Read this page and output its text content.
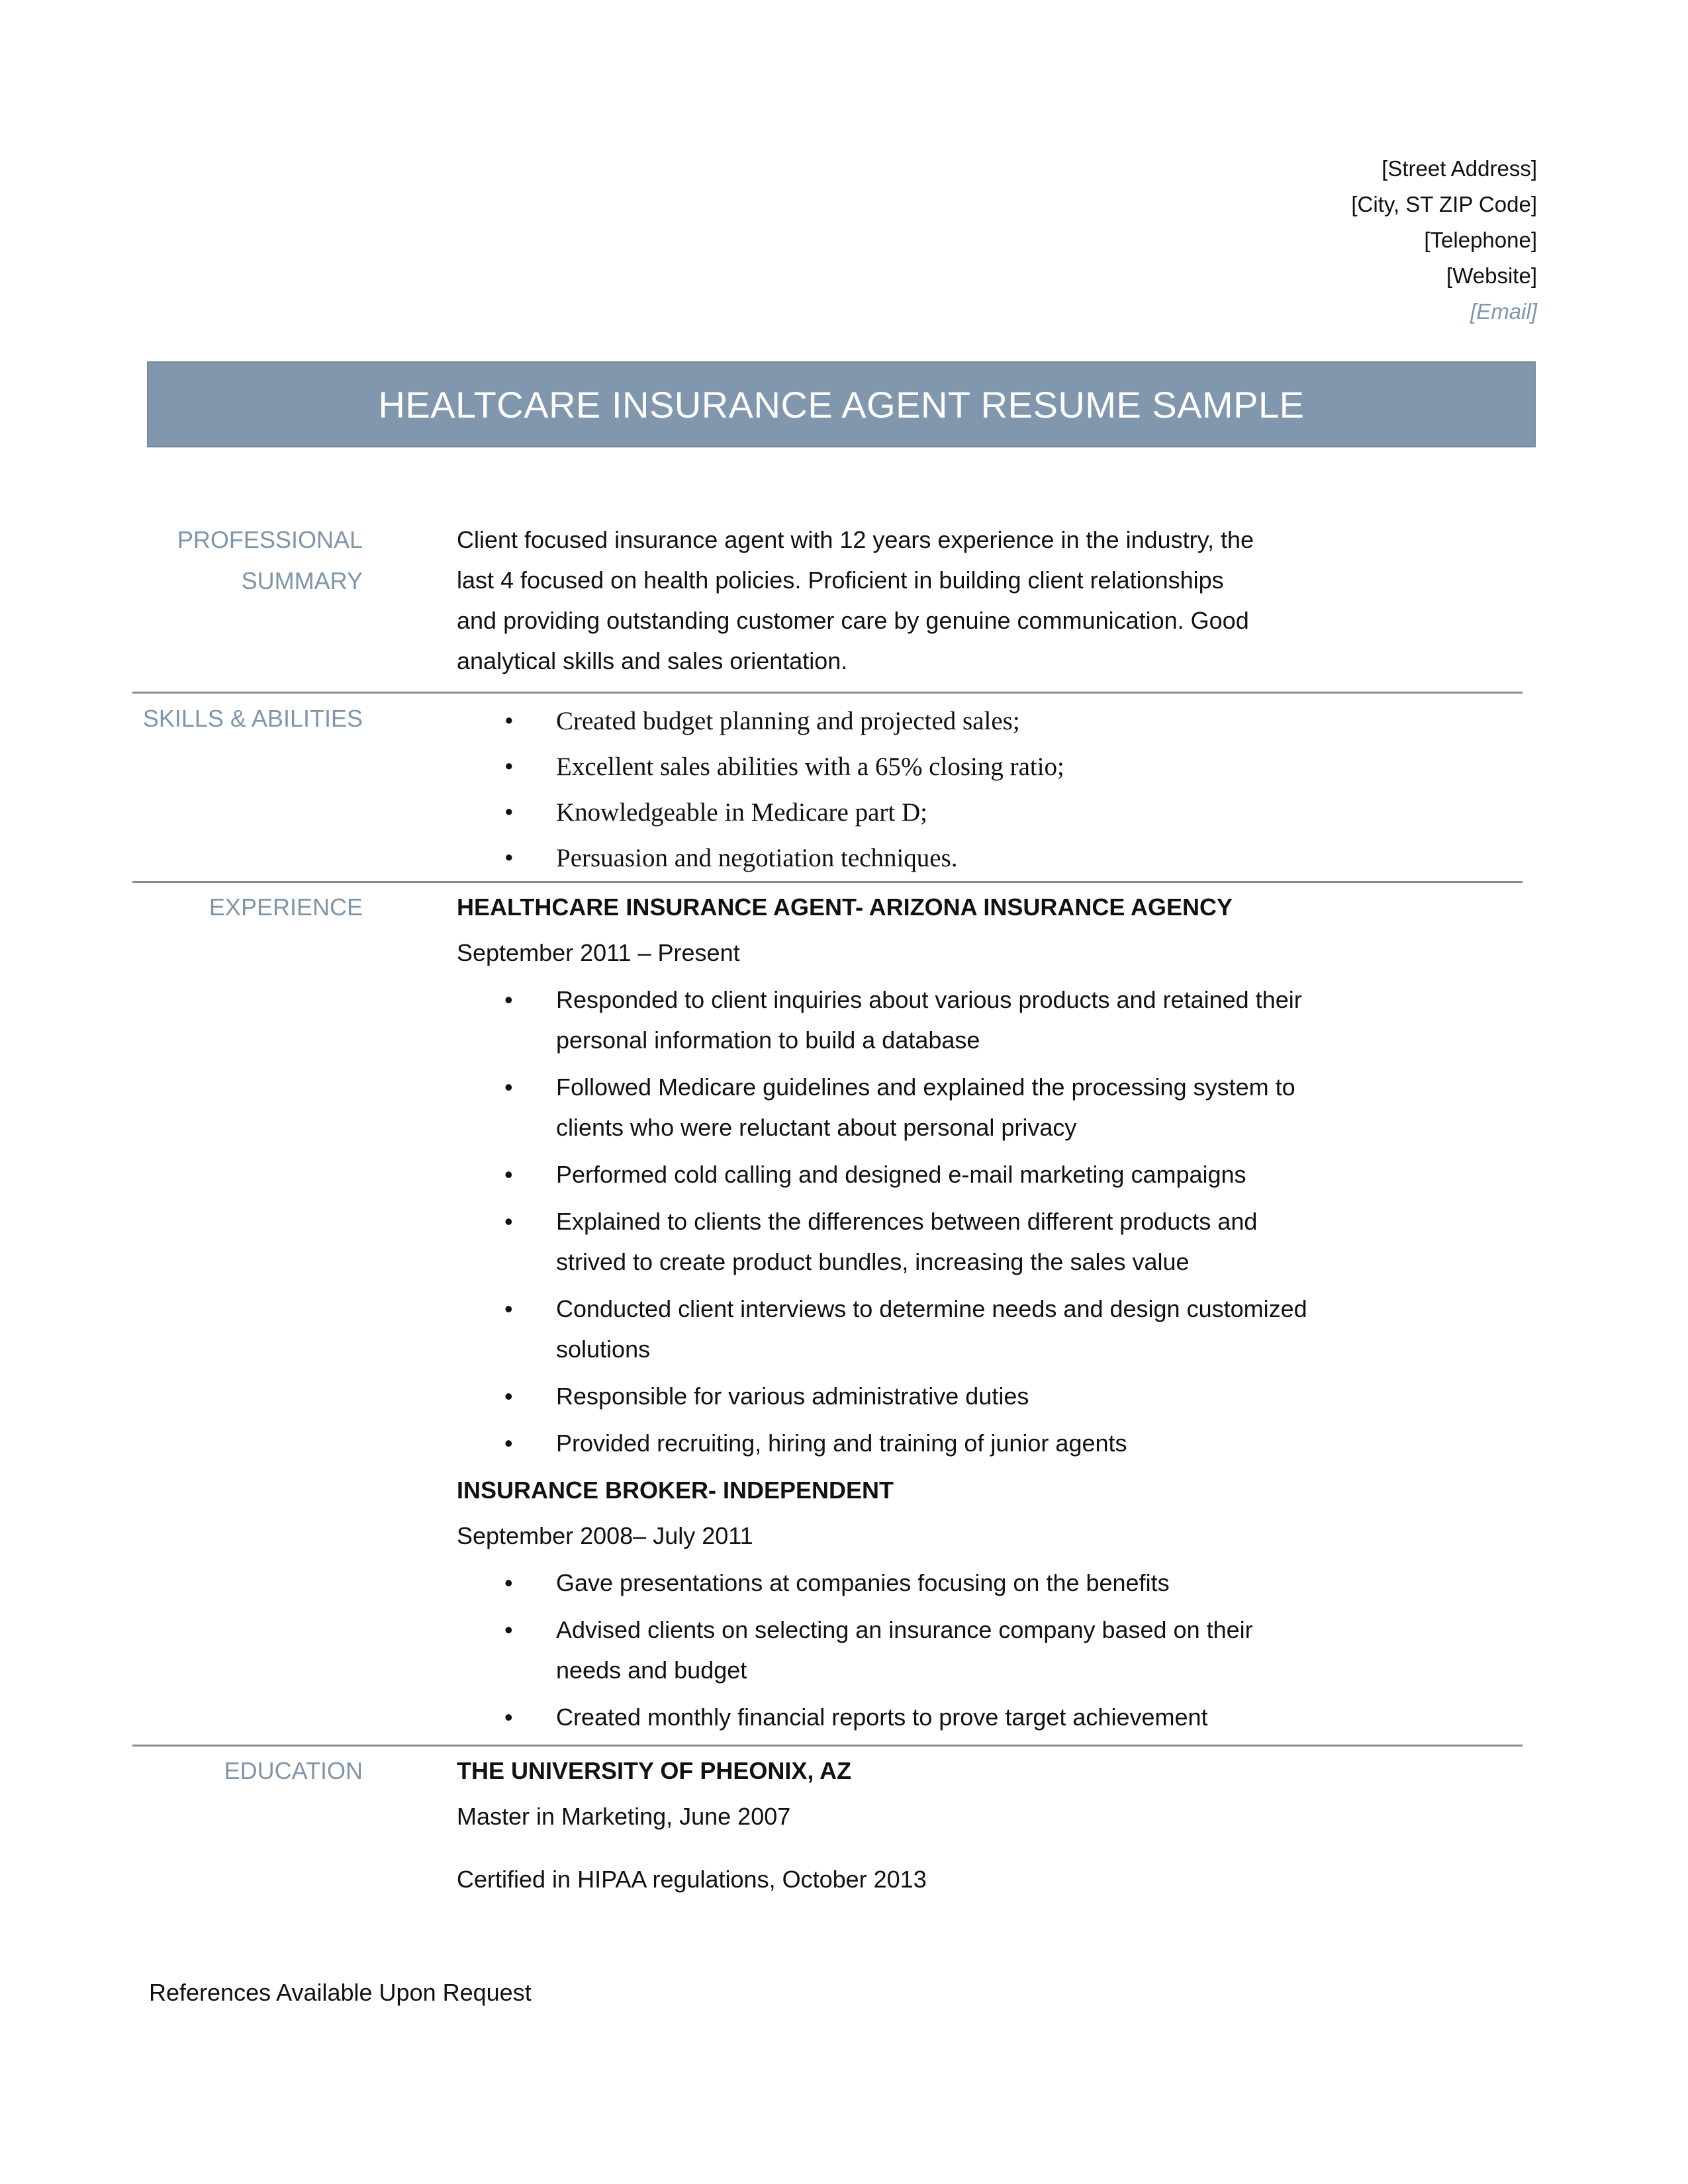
[Street Address]
[City, ST ZIP Code]
[Telephone]
[Website]
[Email]
HEALTCARE INSURANCE AGENT RESUME SAMPLE
PROFESSIONAL
SUMMARY
Client focused insurance agent with 12 years experience in the industry, the
last 4 focused on health policies. Proficient in building client relationships
and providing outstanding customer care by genuine communication. Good
analytical skills and sales orientation.
SKILLS & ABILITIES	• Created budget planning and projected sales;
• Excellent sales abilities with a 65% closing ratio;
• Knowledgeable in Medicare part D;
• Persuasion and negotiation techniques.
EXPERIENCE	HEALTHCARE INSURANCE AGENT- ARIZONA INSURANCE AGENCY
September 2011 – Present
• Responded to client inquiries about various products and retained their personal information to build a database
• Followed Medicare guidelines and explained the processing system to clients who were reluctant about personal privacy
• Performed cold calling and designed e-mail marketing campaigns
• Explained to clients the differences between different products and strived to create product bundles, increasing the sales value
• Conducted client interviews to determine needs and design customized solutions
• Responsible for various administrative duties
• Provided recruiting, hiring and training of junior agents
INSURANCE BROKER- INDEPENDENT
September 2008– July 2011
• Gave presentations at companies focusing on the benefits
• Advised clients on selecting an insurance company based on their needs and budget
• Created monthly financial reports to prove target achievement
EDUCATION	THE UNIVERSITY OF PHEONIX, AZ
Master in Marketing, June 2007
Certified in HIPAA regulations, October 2013
References Available Upon Request
